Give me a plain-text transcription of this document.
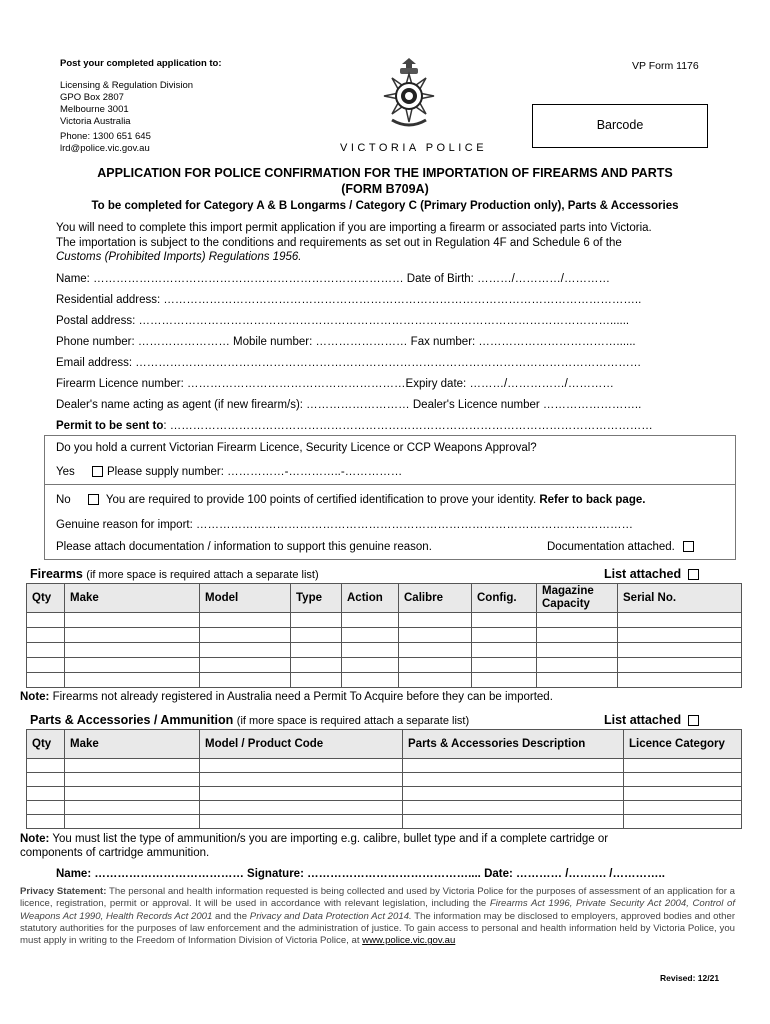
Post your completed application to:
Licensing & Regulation Division
GPO Box 2807
Melbourne 3001
Victoria Australia
Phone: 1300 651 645
lrd@police.vic.gov.au	VICTORIA POLICE
VP Form 1176
Barcode
APPLICATION FOR POLICE CONFIRMATION FOR THE IMPORTATION OF FIREARMS AND PARTS
(FORM B709A)
To be completed for Category A & B Longarms / Category C (Primary Production only), Parts & Accessories
You will need to complete this import permit application if you are importing a firearm or associated parts into Victoria.
The importation is subject to the conditions and requirements as set out in Regulation 4F and Schedule 6 of the
Customs (Prohibited Imports) Regulations 1956.
Name: ……………………………………………………………………… Date of Birth: ………/…………/…………
Residential address: ……………………………………………………………………………………………………………..
Postal address: ……………………………………………………………………………………………………………......
Phone number: …………………… Mobile number: …………………… Fax number: ………………………………......
Email address: ……………………………………………………………………………………………………………………
Firearm Licence number: …………………………………………………Expiry date: ………/……………/…………
Dealer's name acting as agent (if new firearm/s): ……………………… Dealer's Licence number ……………………..
Permit to be sent to: ………………………………………………………………………………………………………………
Do you hold a current Victorian Firearm Licence, Security Licence or CCP Weapons Approval?
Yes	Please supply number: ……………-…………..-……………
No	You are required to provide 100 points of certified identification to prove your identity. Refer to back page.
Genuine reason for import: ……………………………………………………………………………………………………
Please attach documentation / information to support this genuine reason.	Documentation attached.
Firearms (if more space is required attach a separate list)	List attached
Qty	Make	Model	Type	Action	Calibre	Config.	Magazine Capacity	Serial No.

Note: Firearms not already registered in Australia need a Permit To Acquire before they can be imported.
Parts & Accessories / Ammunition (if more space is required attach a separate list)	List attached
Qty	Make	Model / Product Code	Parts & Accessories Description	Licence Category

Note: You must list the type of ammunition/s you are importing e.g. calibre, bullet type and if a complete cartridge or
components of cartridge ammunition.
Name: ………………………………… Signature: …………………………………….... Date: ………… /………. /…………..
Privacy Statement: The personal and health information requested is being collected and used by Victoria Police for the purposes of assessment of an application for a licence, registration, permit or approval. It will be used in accordance with relevant legislation, including the Firearms Act 1996, Private Security Act 2004, Control of Weapons Act 1990, Health Records Act 2001 and the Privacy and Data Protection Act 2014. The information may be disclosed to employers, approved bodies and other statutory authorities for the purposes of law enforcement and the administration of justice. To gain access to personal and health information held by Victoria Police, you must apply in writing to the Freedom of Information Division of Victoria Police, at www.police.vic.gov.au
Revised: 12/21
